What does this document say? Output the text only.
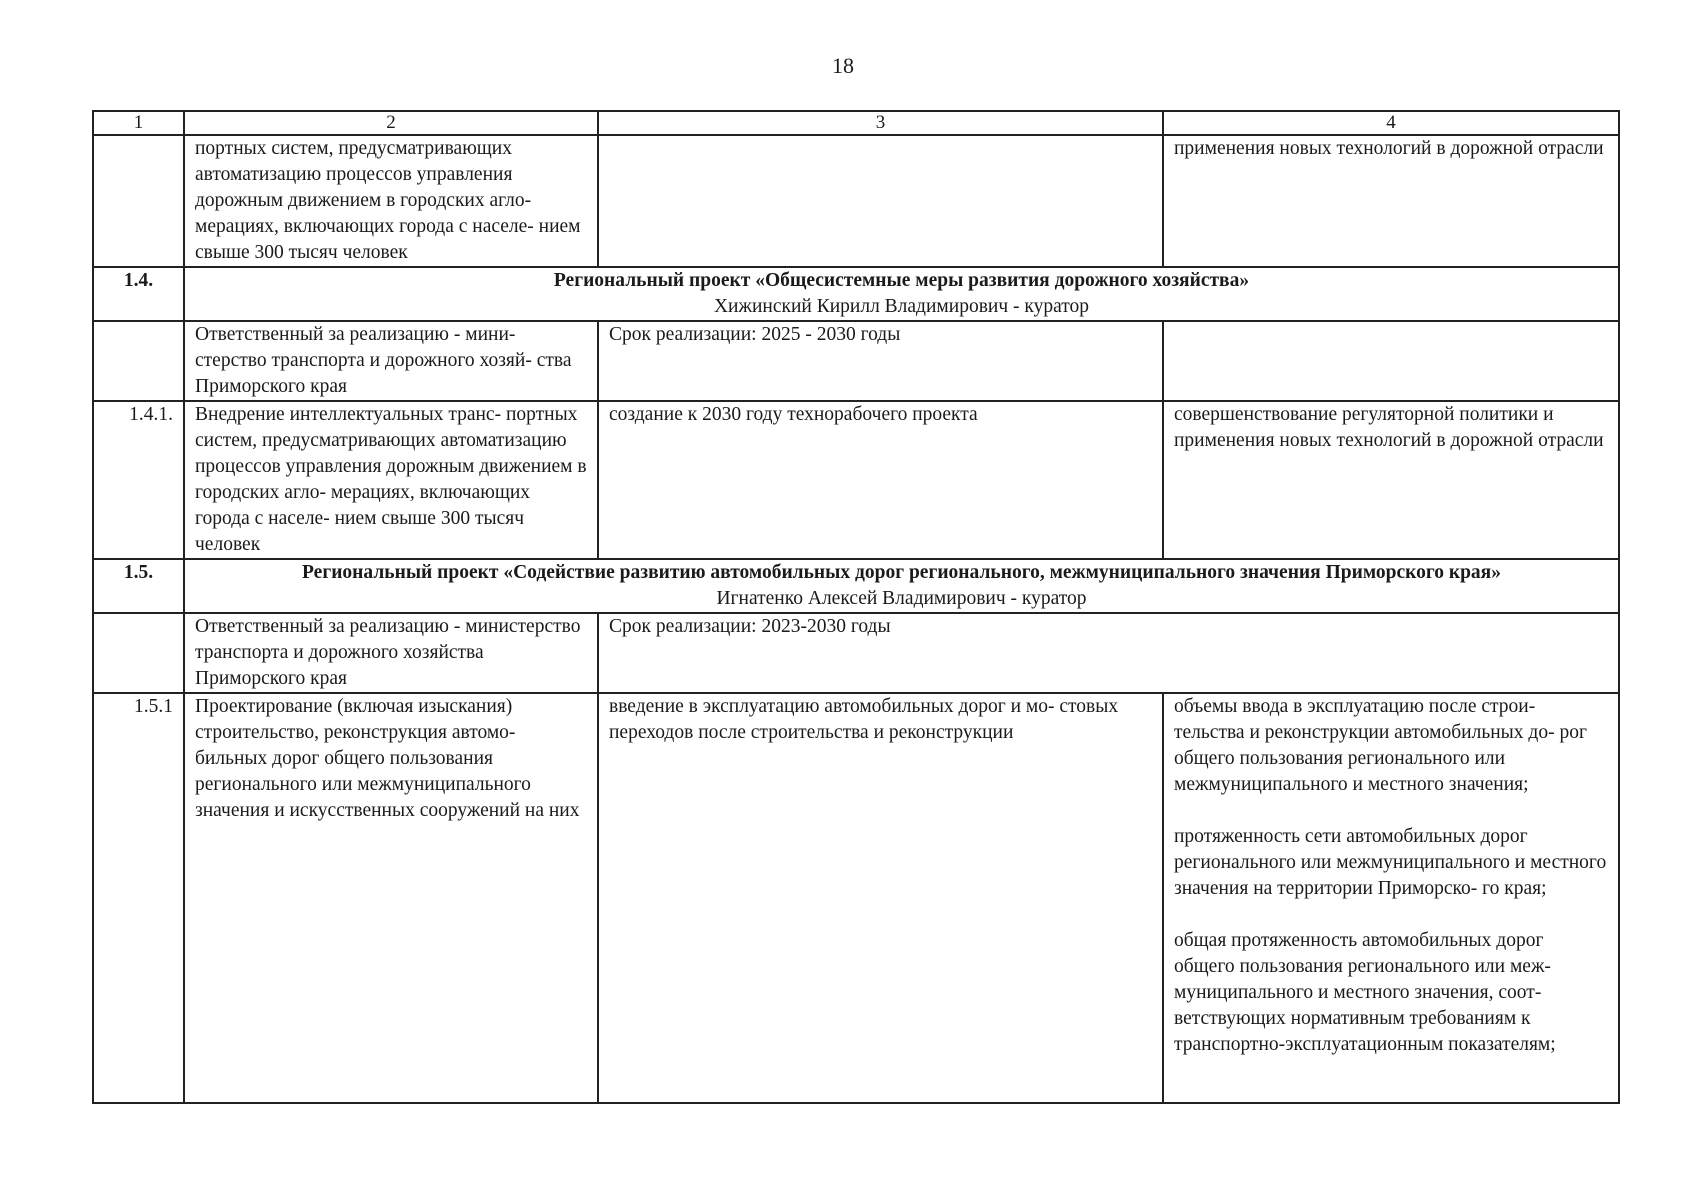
18
1	2	3	4
	портных систем, предусматривающих автоматизацию процессов управления дорожным движением в городских агло- мерациях, включающих города с населе- нием свыше 300 тысяч человек		применения новых технологий в дорожной отрасли
1.4.	Региональный проект «Общесистемные меры развития дорожного хозяйства»
Хижинский Кирилл Владимирович - куратор		

	Ответственный за реализацию - мини- стерство транспорта и дорожного хозяй- ства Приморского края	Срок реализации: 2025 - 2030 годы	
1.4.1.	Внедрение интеллектуальных транс- портных систем, предусматривающих автоматизацию процессов управления дорожным движением в городских агло- мерациях, включающих города с населе- нием свыше 300 тысяч человек	создание к 2030 году технорабочего проекта	совершенствование регуляторной политики и применения новых технологий в дорожной отрасли
1.5.	Региональный проект «Содействие развитию автомобильных дорог регионального, межмуниципального значения Приморского края»
Игнатенко Алексей Владимирович - куратор		

	Ответственный за реализацию - министерство транспорта и дорожного хозяйства Приморского края	Срок реализации: 2023-2030 годы	
1.5.1	Проектирование (включая изыскания) строительство, реконструкция автомо- бильных дорог общего пользования регионального или межмуниципального значения и искусственных сооружений на них	введение в эксплуатацию автомобильных дорог и мо- стовых переходов после строительства и реконструкции	объемы ввода в эксплуатацию после строи- тельства и реконструкции автомобильных до- рог общего пользования регионального или межмуниципального и местного значения;
протяженность сети автомобильных дорог регионального или межмуниципального и местного значения на территории Приморско- го края;
общая протяженность автомобильных дорог общего пользования регионального или меж- муниципального и местного значения, соот- ветствующих нормативным требованиям к транспортно-эксплуатационным показателям;
